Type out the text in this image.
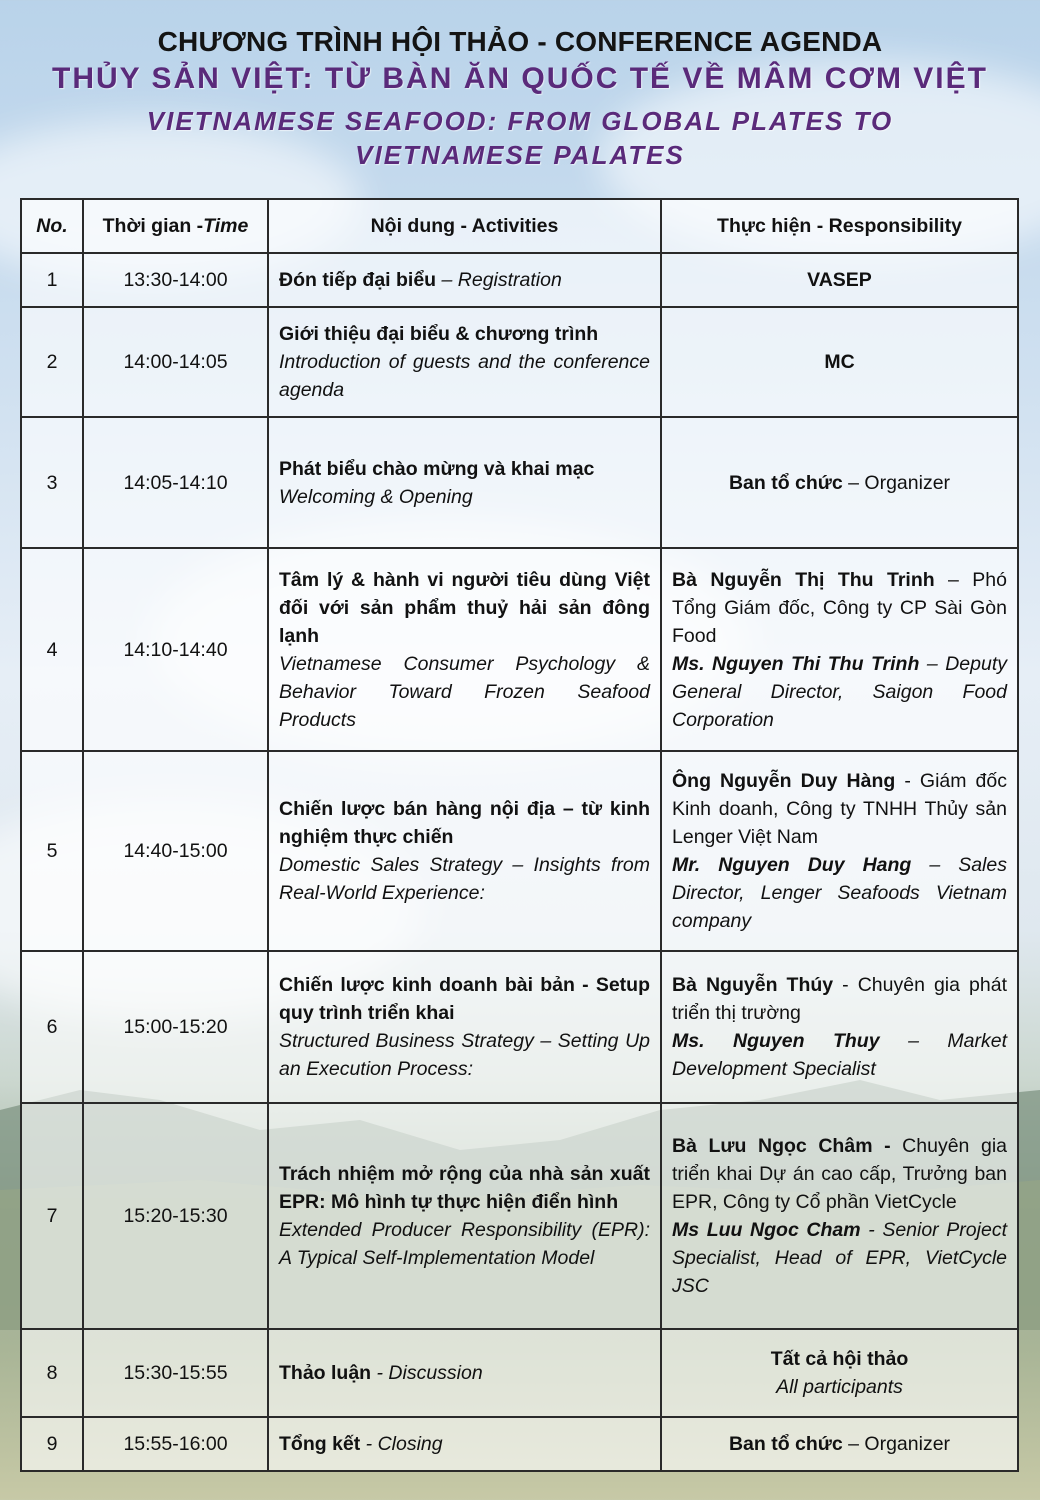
CHƯƠNG TRÌNH HỘI THẢO - CONFERENCE AGENDA
THỦY SẢN VIỆT: TỪ BÀN ĂN QUỐC TẾ VỀ MÂM CƠM VIỆT
VIETNAMESE SEAFOOD: FROM GLOBAL PLATES TO
VIETNAMESE PALATES
No.	Thời gian -Time	Nội dung - Activities	Thực hiện - Responsibility
1	13:30-14:00	Đón tiếp đại biểu – Registration	VASEP
2	14:00-14:05	Giới thiệu đại biểu & chương trình
Introduction of guests and the conference agenda	MC
3	14:05-14:10	Phát biểu chào mừng và khai mạc
Welcoming & Opening	Ban tổ chức – Organizer
4	14:10-14:40	Tâm lý & hành vi người tiêu dùng Việt đối với sản phẩm thuỷ hải sản đông lạnh
Vietnamese Consumer Psychology & Behavior Toward Frozen Seafood Products	Bà Nguyễn Thị Thu Trinh – Phó Tổng Giám đốc, Công ty CP Sài Gòn Food
Ms. Nguyen Thi Thu Trinh – Deputy General Director, Saigon Food Corporation

5	14:40-15:00	Chiến lược bán hàng nội địa – từ kinh nghiệm thực chiến
Domestic Sales Strategy – Insights from Real-World Experience:	Ông Nguyễn Duy Hàng - Giám đốc Kinh doanh, Công ty TNHH Thủy sản Lenger Việt Nam
Mr. Nguyen Duy Hang – Sales Director, Lenger Seafoods Vietnam company

6	15:00-15:20	Chiến lược kinh doanh bài bản - Setup quy trình triển khai
Structured Business Strategy – Setting Up an Execution Process:	Bà Nguyễn Thúy - Chuyên gia phát triển thị trường
Ms. Nguyen Thuy – Market Development Specialist

7	15:20-15:30	Trách nhiệm mở rộng của nhà sản xuất EPR: Mô hình tự thực hiện điển hình
Extended Producer Responsibility (EPR): A Typical Self-Implementation Model	Bà Lưu Ngọc Châm - Chuyên gia triển khai Dự án cao cấp, Trưởng ban EPR, Công ty Cổ phần VietCycle
Ms Luu Ngoc Cham - Senior Project Specialist, Head of EPR, VietCycle JSC

8	15:30-15:55	Thảo luận - Discussion	Tất cả hội thảo
All participants

9	15:55-16:00	Tổng kết - Closing	Ban tổ chức – Organizer
